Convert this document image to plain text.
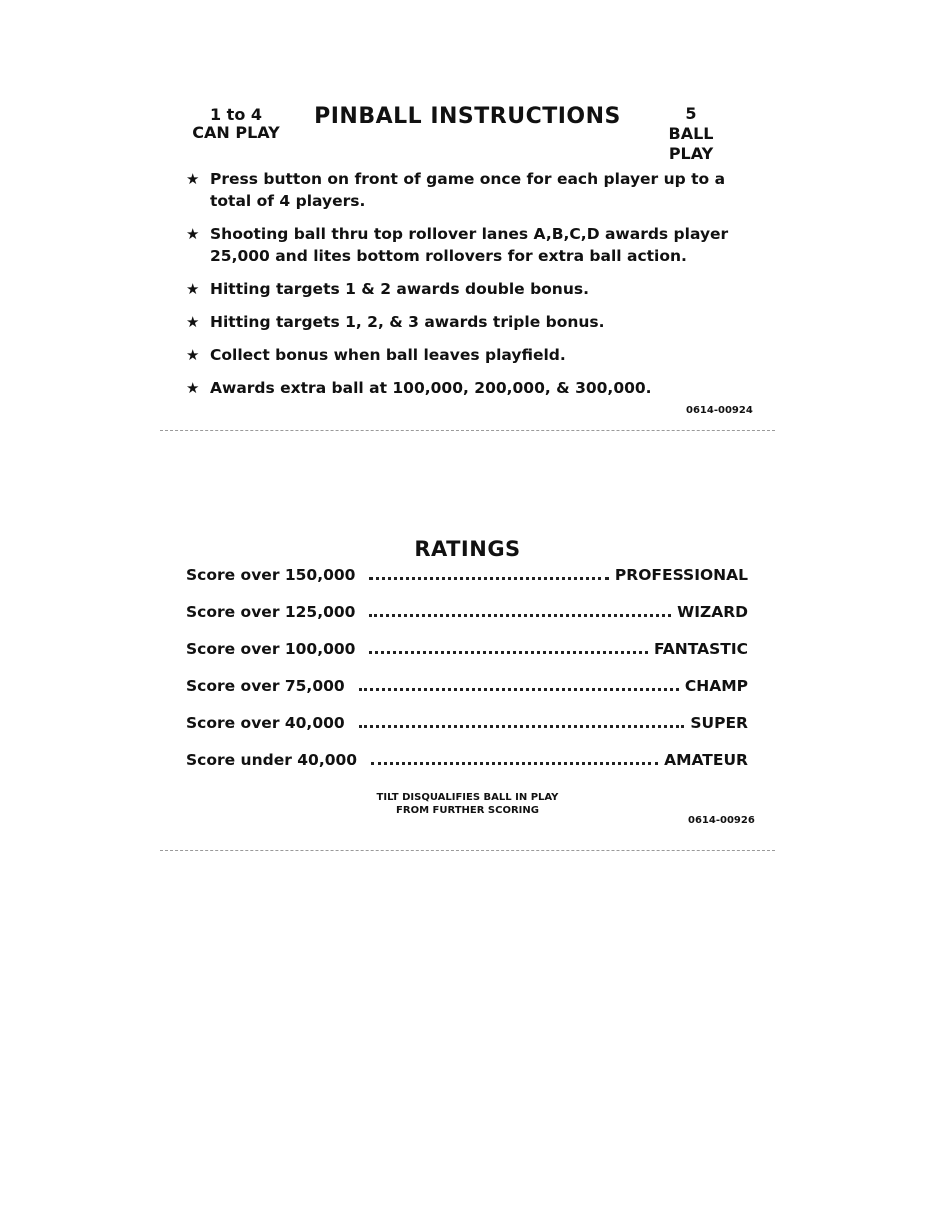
1 to 4
CAN PLAY
PINBALL INSTRUCTIONS	5
BALL
PLAY
★ Press button on front of game once for each player up to a total of 4 players.
★ Shooting ball thru top rollover lanes A,B,C,D awards player 25,000 and lites bottom rollovers for extra ball action.
★ Hitting targets 1 & 2 awards double bonus.
★ Hitting targets 1, 2, & 3 awards triple bonus.
★ Collect bonus when ball leaves playfield.
★ Awards extra ball at 100,000, 200,000, & 300,000.
0614-00924
RATINGS
Score over 150,000	PROFESSIONAL
Score over 125,000	WIZARD
Score over 100,000	FANTASTIC
Score over 75,000	CHAMP
Score over 40,000	SUPER
Score under 40,000	AMATEUR
TILT DISQUALIFIES BALL IN PLAY
FROM FURTHER SCORING
0614-00926
